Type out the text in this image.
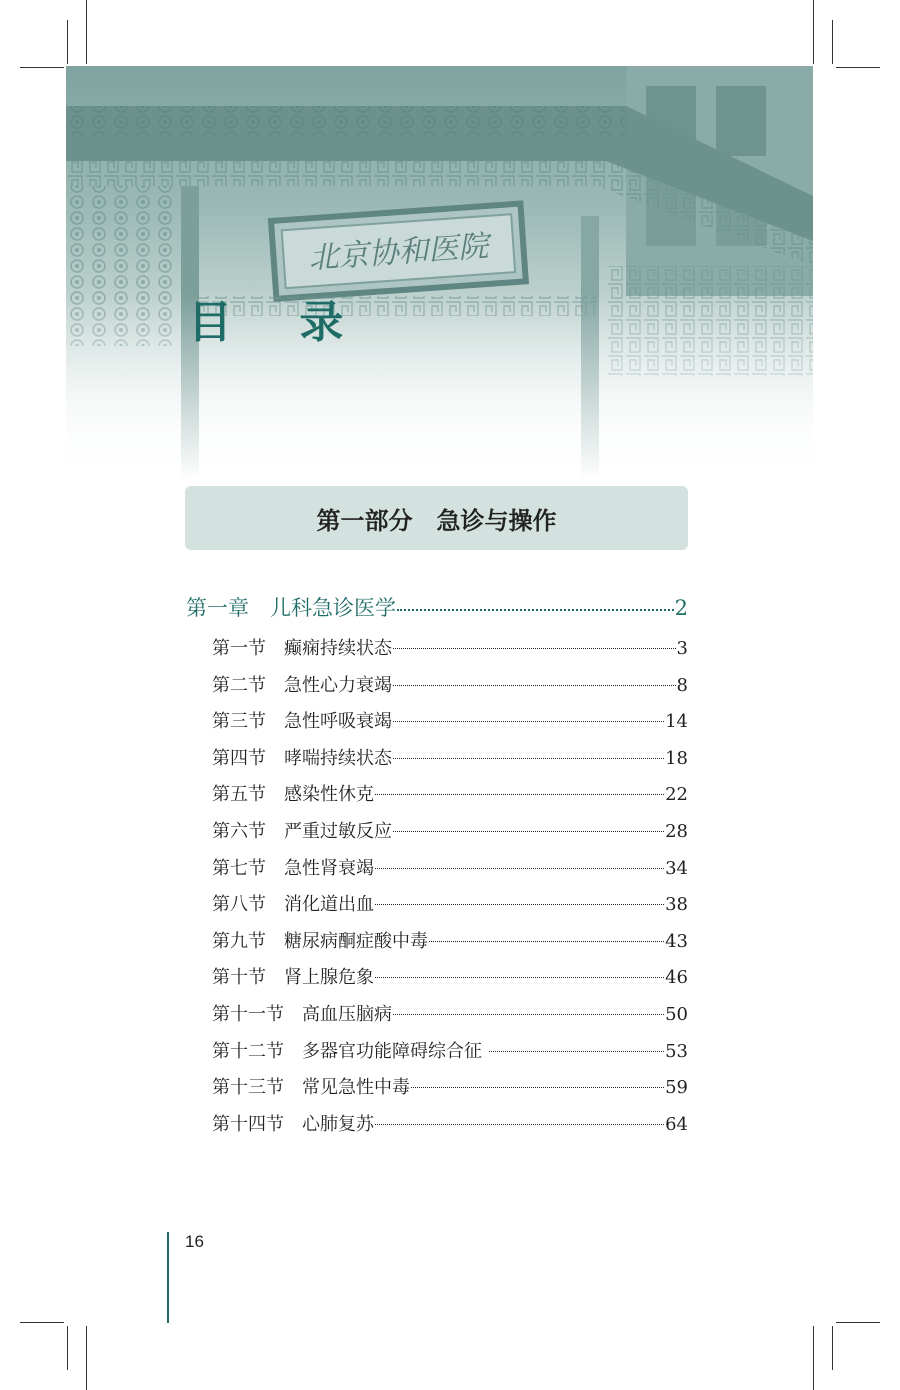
目 录
第一部分　急诊与操作
第一章　儿科急诊医学	2
第一节　癫痫持续状态	3
第二节　急性心力衰竭	8
第三节　急性呼吸衰竭	14
第四节　哮喘持续状态	18
第五节　感染性休克	22
第六节　严重过敏反应	28
第七节　急性肾衰竭	34
第八节　消化道出血	38
第九节　糖尿病酮症酸中毒	43
第十节　肾上腺危象	46
第十一节　高血压脑病	50
第十二节　多器官功能障碍综合征	53
第十三节　常见急性中毒	59
第十四节　心肺复苏	64
16
